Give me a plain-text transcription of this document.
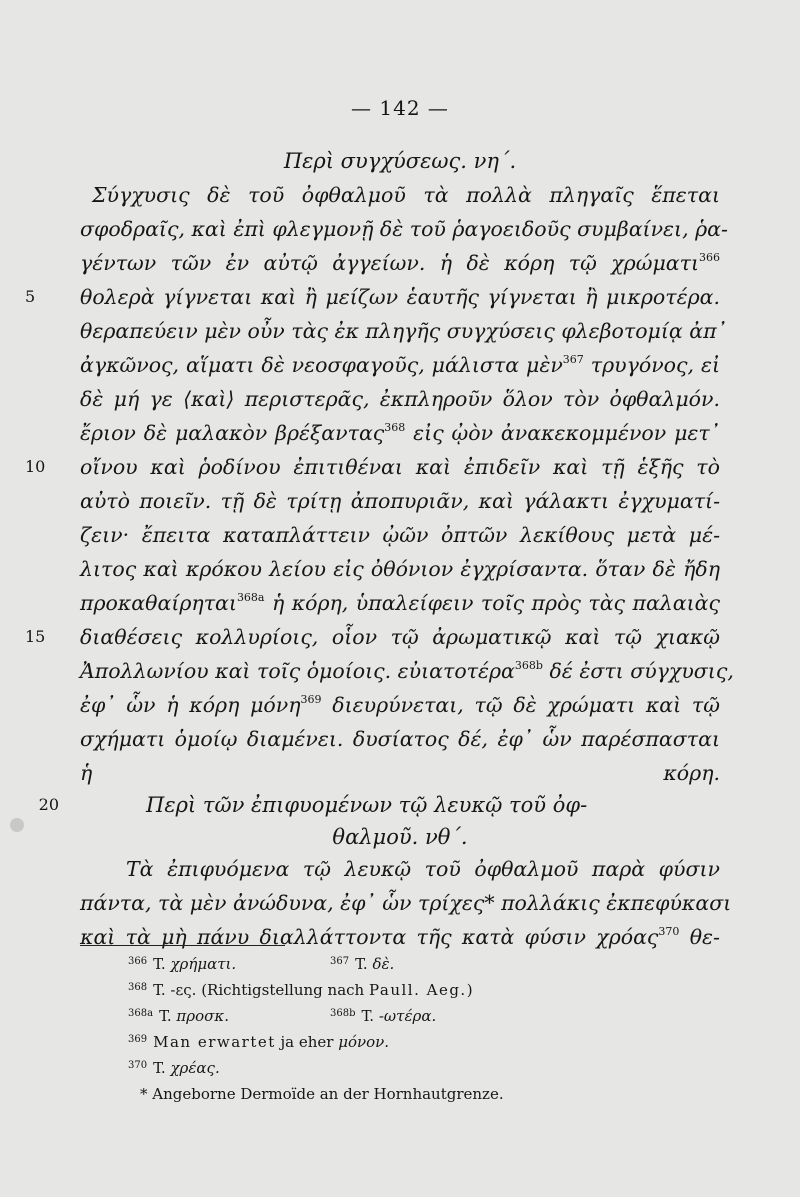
— 142 —
Περὶ συγχύσεως. νη΄.
Σύγχυσις δὲ τοῦ ὀφθαλμοῦ τὰ πολλὰ πληγαῖς ἕπεται
σφοδραῖς, καὶ ἐπὶ φλεγμονῇ δὲ τοῦ ῥαγοειδοῦς συμβαίνει, ῥα-
γέντων τῶν ἐν αὐτῷ ἀγγείων. ἡ δὲ κόρη τῷ χρώματι$^{366}$
5	θολερὰ γίγνεται καὶ ἢ μείζων ἑαυτῆς γίγνεται ἢ μικροτέρα.
θεραπεύειν μὲν οὖν τὰς ἐκ πληγῆς συγχύσεις φλεβοτομίᾳ ἀπ᾿
ἀγκῶνος, αἵματι δὲ νεοσφαγοῦς, μάλιστα μὲν$^{367}$ τρυγόνος, εἰ
δὲ μή γε ⟨καὶ⟩ περιστερᾶς, ἐκπληροῦν ὅλον τὸν ὀφθαλμόν.
ἔριον δὲ μαλακὸν βρέξαντας$^{368}$ εἰς ᾠὸν ἀνακεκομμένον μετ᾿
10	οἴνου καὶ ῥοδίνου ἐπιτιθέναι καὶ ἐπιδεῖν καὶ τῇ ἑξῆς τὸ
αὐτὸ ποιεῖν. τῇ δὲ τρίτῃ ἀποπυριᾶν, καὶ γάλακτι ἐγχυματί-
ζειν· ἔπειτα καταπλάττειν ᾠῶν ὀπτῶν λεκίθους μετὰ μέ-
λιτος καὶ κρόκου λείου εἰς ὀθόνιον ἐγχρίσαντα. ὅταν δὲ ἤδη
προκαθαίρηται$^{368a}$ ἡ κόρη, ὑπαλείφειν τοῖς πρὸς τὰς παλαιὰς
15	διαθέσεις κολλυρίοις, οἷον τῷ ἀρωματικῷ καὶ τῷ χιακῷ
Ἀπολλωνίου καὶ τοῖς ὁμοίοις. εὐιατοτέρα$^{368b}$ δέ ἐστι σύγχυσις,
ἐφ᾿ ὧν ἡ κόρη μόνη$^{369}$ διευρύνεται, τῷ δὲ χρώματι καὶ τῷ
σχήματι ὁμοίῳ διαμένει. δυσίατος δέ, ἐφ᾿ ὧν παρέσπασται
ἡ κόρη.
20	Περὶ τῶν ἐπιφυομένων τῷ λευκῷ τοῦ ὀφ-
θαλμοῦ. νθ΄.
Τὰ ἐπιφυόμενα τῷ λευκῷ τοῦ ὀφθαλμοῦ παρὰ φύσιν
πάντα, τὰ μὲν ἀνώδυνα, ἐφ᾿ ὧν τρίχες* πολλάκις ἐκπεφύκασι
καὶ τὰ μὴ πάνυ διαλλάττοντα τῆς κατὰ φύσιν χρόας$^{370}$ θε-
$^{366}$ T. χρήματι.	$^{367}$ T. δὲ.
$^{368}$ T. -ες. (Richtigstellung nach Paull. Aeg.)
$^{368a}$ T. προσκ.	$^{368b}$ T. -ωτέρα.
$^{369}$ Man erwartet ja eher μόνον.
$^{370}$ T. χρέας.
* Angeborne Dermoïde an der Hornhautgrenze.
